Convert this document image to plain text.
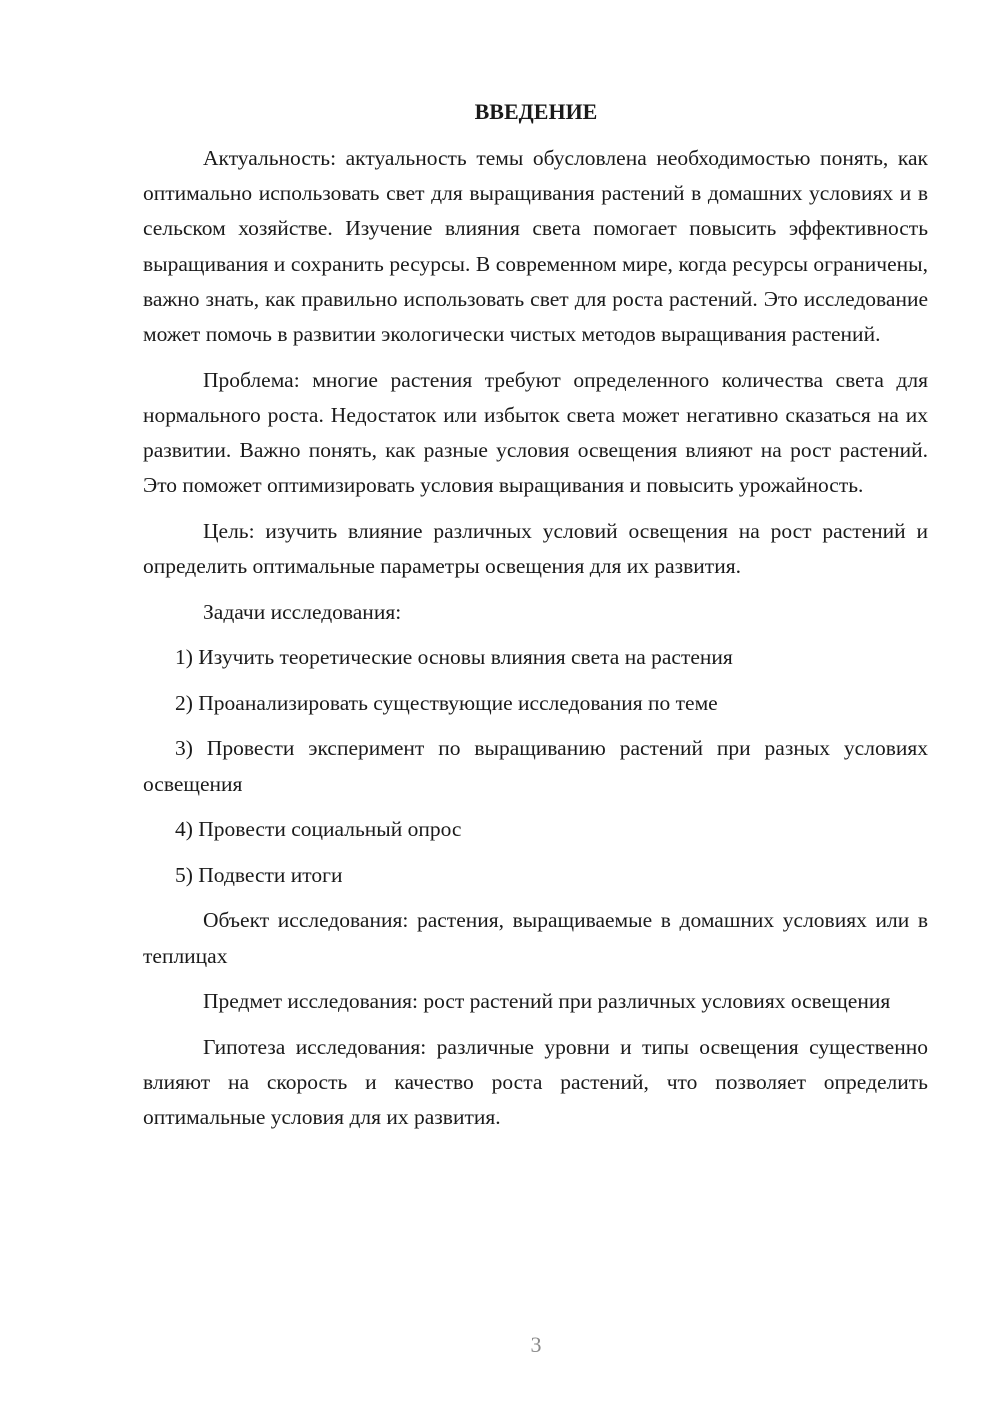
ВВЕДЕНИЕ

Актуальность: актуальность темы обусловлена необходимостью понять, как оптимально использовать свет для выращивания растений в домашних условиях и в сельском хозяйстве. Изучение влияния света помогает повысить эффективность выращивания и сохранить ресурсы. В современном мире, когда ресурсы ограничены, важно знать, как правильно использовать свет для роста растений. Это исследование может помочь в развитии экологически чистых методов выращивания растений.

Проблема: многие растения требуют определенного количества света для нормального роста. Недостаток или избыток света может негативно сказаться на их развитии. Важно понять, как разные условия освещения влияют на рост растений. Это поможет оптимизировать условия выращивания и повысить урожайность.

Цель: изучить влияние различных условий освещения на рост растений и определить оптимальные параметры освещения для их развития.

Задачи исследования:

1) Изучить теоретические основы влияния света на растения

2) Проанализировать существующие исследования по теме

3) Провести эксперимент по выращиванию растений при разных условиях освещения

4) Провести социальный опрос

5) Подвести итоги

Объект исследования: растения, выращиваемые в домашних условиях или в теплицах

Предмет исследования: рост растений при различных условиях освещения

Гипотеза исследования: различные уровни и типы освещения существенно влияют на скорость и качество роста растений, что позволяет определить оптимальные условия для их развития.

3
